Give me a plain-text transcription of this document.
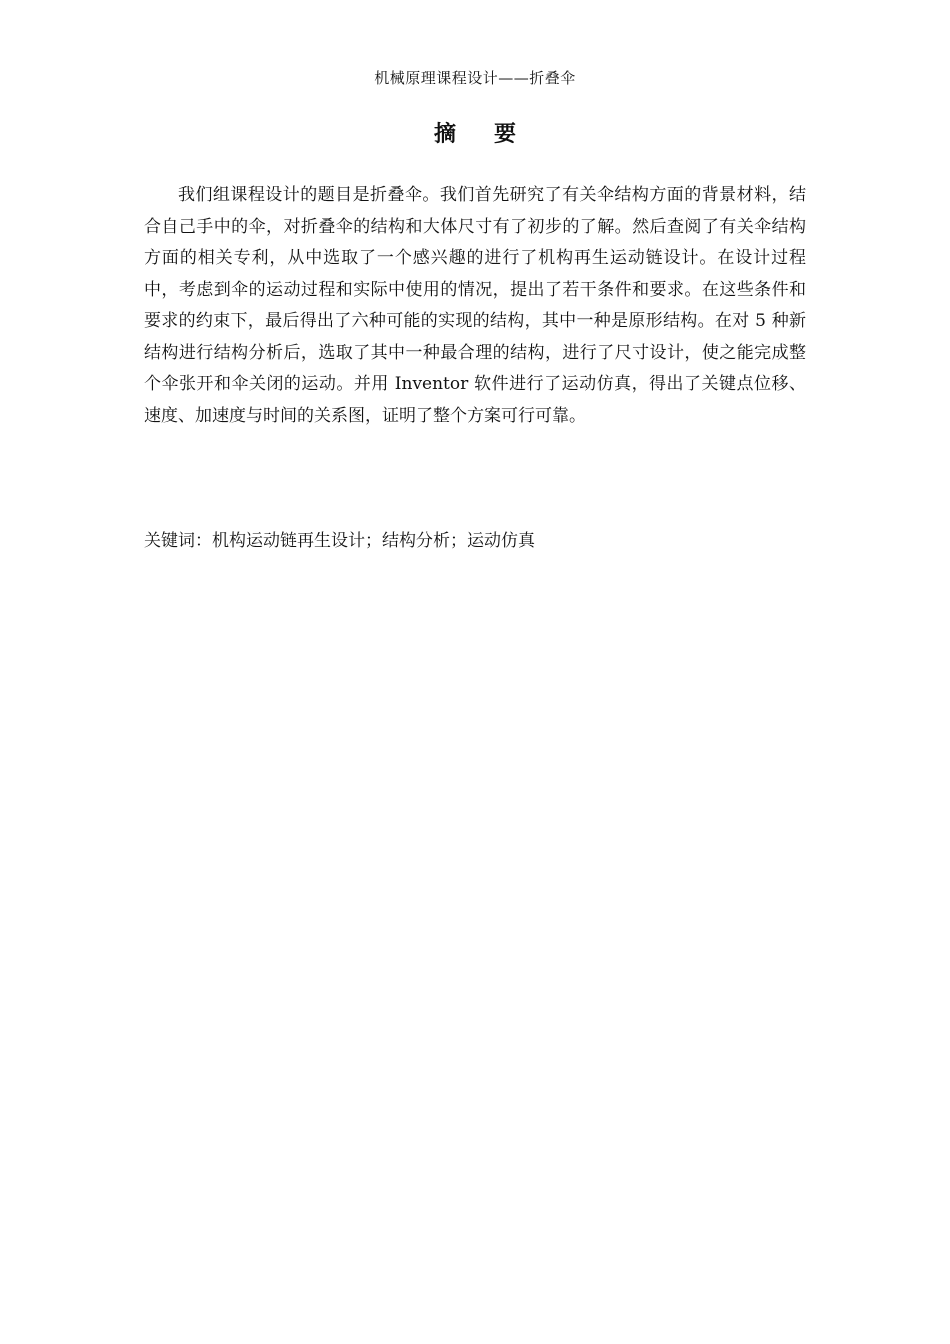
机械原理课程设计——折叠伞
摘要

我们组课程设计的题目是折叠伞。我们首先研究了有关伞结构方面的背景材料，结合自己手中的伞，对折叠伞的结构和大体尺寸有了初步的了解。然后查阅了有关伞结构方面的相关专利，从中选取了一个感兴趣的进行了机构再生运动链设计。在设计过程中，考虑到伞的运动过程和实际中使用的情况，提出了若干条件和要求。在这些条件和要求的约束下，最后得出了六种可能的实现的结构，其中一种是原形结构。在对 5 种新结构进行结构分析后，选取了其中一种最合理的结构，进行了尺寸设计，使之能完成整个伞张开和伞关闭的运动。并用 Inventor 软件进行了运动仿真，得出了关键点位移、速度、加速度与时间的关系图，证明了整个方案可行可靠。

关键词：机构运动链再生设计；结构分析；运动仿真
